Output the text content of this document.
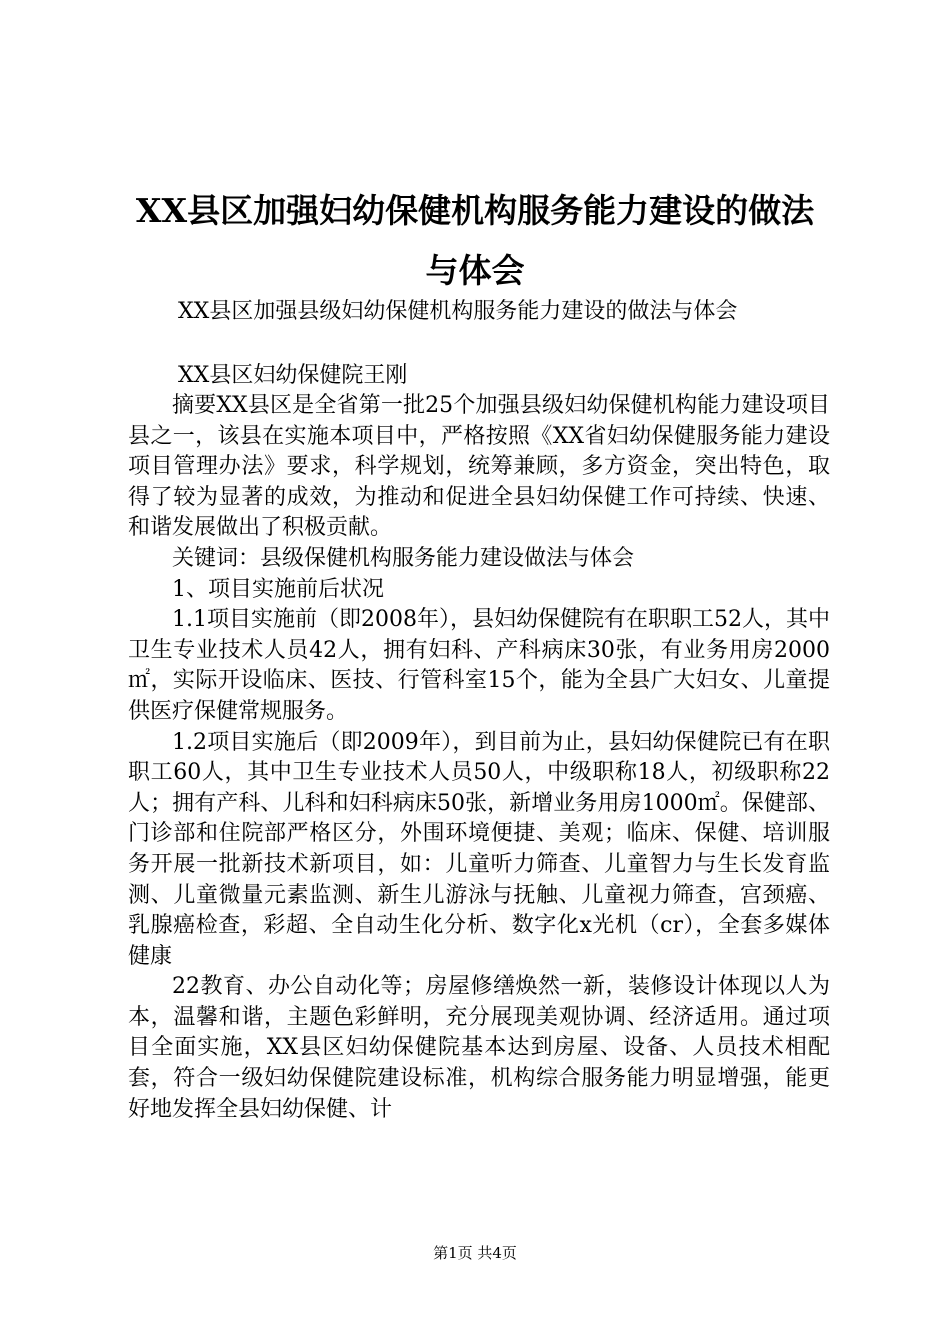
XX县区加强妇幼保健机构服务能力建设的做法与体会
XX县区加强县级妇幼保健机构服务能力建设的做法与体会
XX县区妇幼保健院王刚

摘要XX县区是全省第一批25个加强县级妇幼保健机构能力建设项目县之一，该县在实施本项目中，严格按照《XX省妇幼保健服务能力建设项目管理办法》要求，科学规划，统筹兼顾，多方资金，突出特色，取得了较为显著的成效，为推动和促进全县妇幼保健工作可持续、快速、和谐发展做出了积极贡献。

关键词：县级保健机构服务能力建设做法与体会

1、项目实施前后状况

1.1项目实施前（即2008年），县妇幼保健院有在职职工52人，其中卫生专业技术人员42人，拥有妇科、产科病床30张，有业务用房2000㎡，实际开设临床、医技、行管科室15个，能为全县广大妇女、儿童提供医疗保健常规服务。

1.2项目实施后（即2009年），到目前为止，县妇幼保健院已有在职职工60人，其中卫生专业技术人员50人，中级职称18人，初级职称22人；拥有产科、儿科和妇科病床50张，新增业务用房1000㎡。保健部、门诊部和住院部严格区分，外围环境便捷、美观；临床、保健、培训服务开展一批新技术新项目，如：儿童听力筛查、儿童智力与生长发育监测、儿童微量元素监测、新生儿游泳与抚触、儿童视力筛查，宫颈癌、乳腺癌检查，彩超、全自动生化分析、数字化x光机（cr），全套多媒体健康

22教育、办公自动化等；房屋修缮焕然一新，装修设计体现以人为本，温馨和谐，主题色彩鲜明，充分展现美观协调、经济适用。通过项目全面实施，XX县区妇幼保健院基本达到房屋、设备、人员技术相配套，符合一级妇幼保健院建设标准，机构综合服务能力明显增强，能更好地发挥全县妇幼保健、计

第1页 共4页
